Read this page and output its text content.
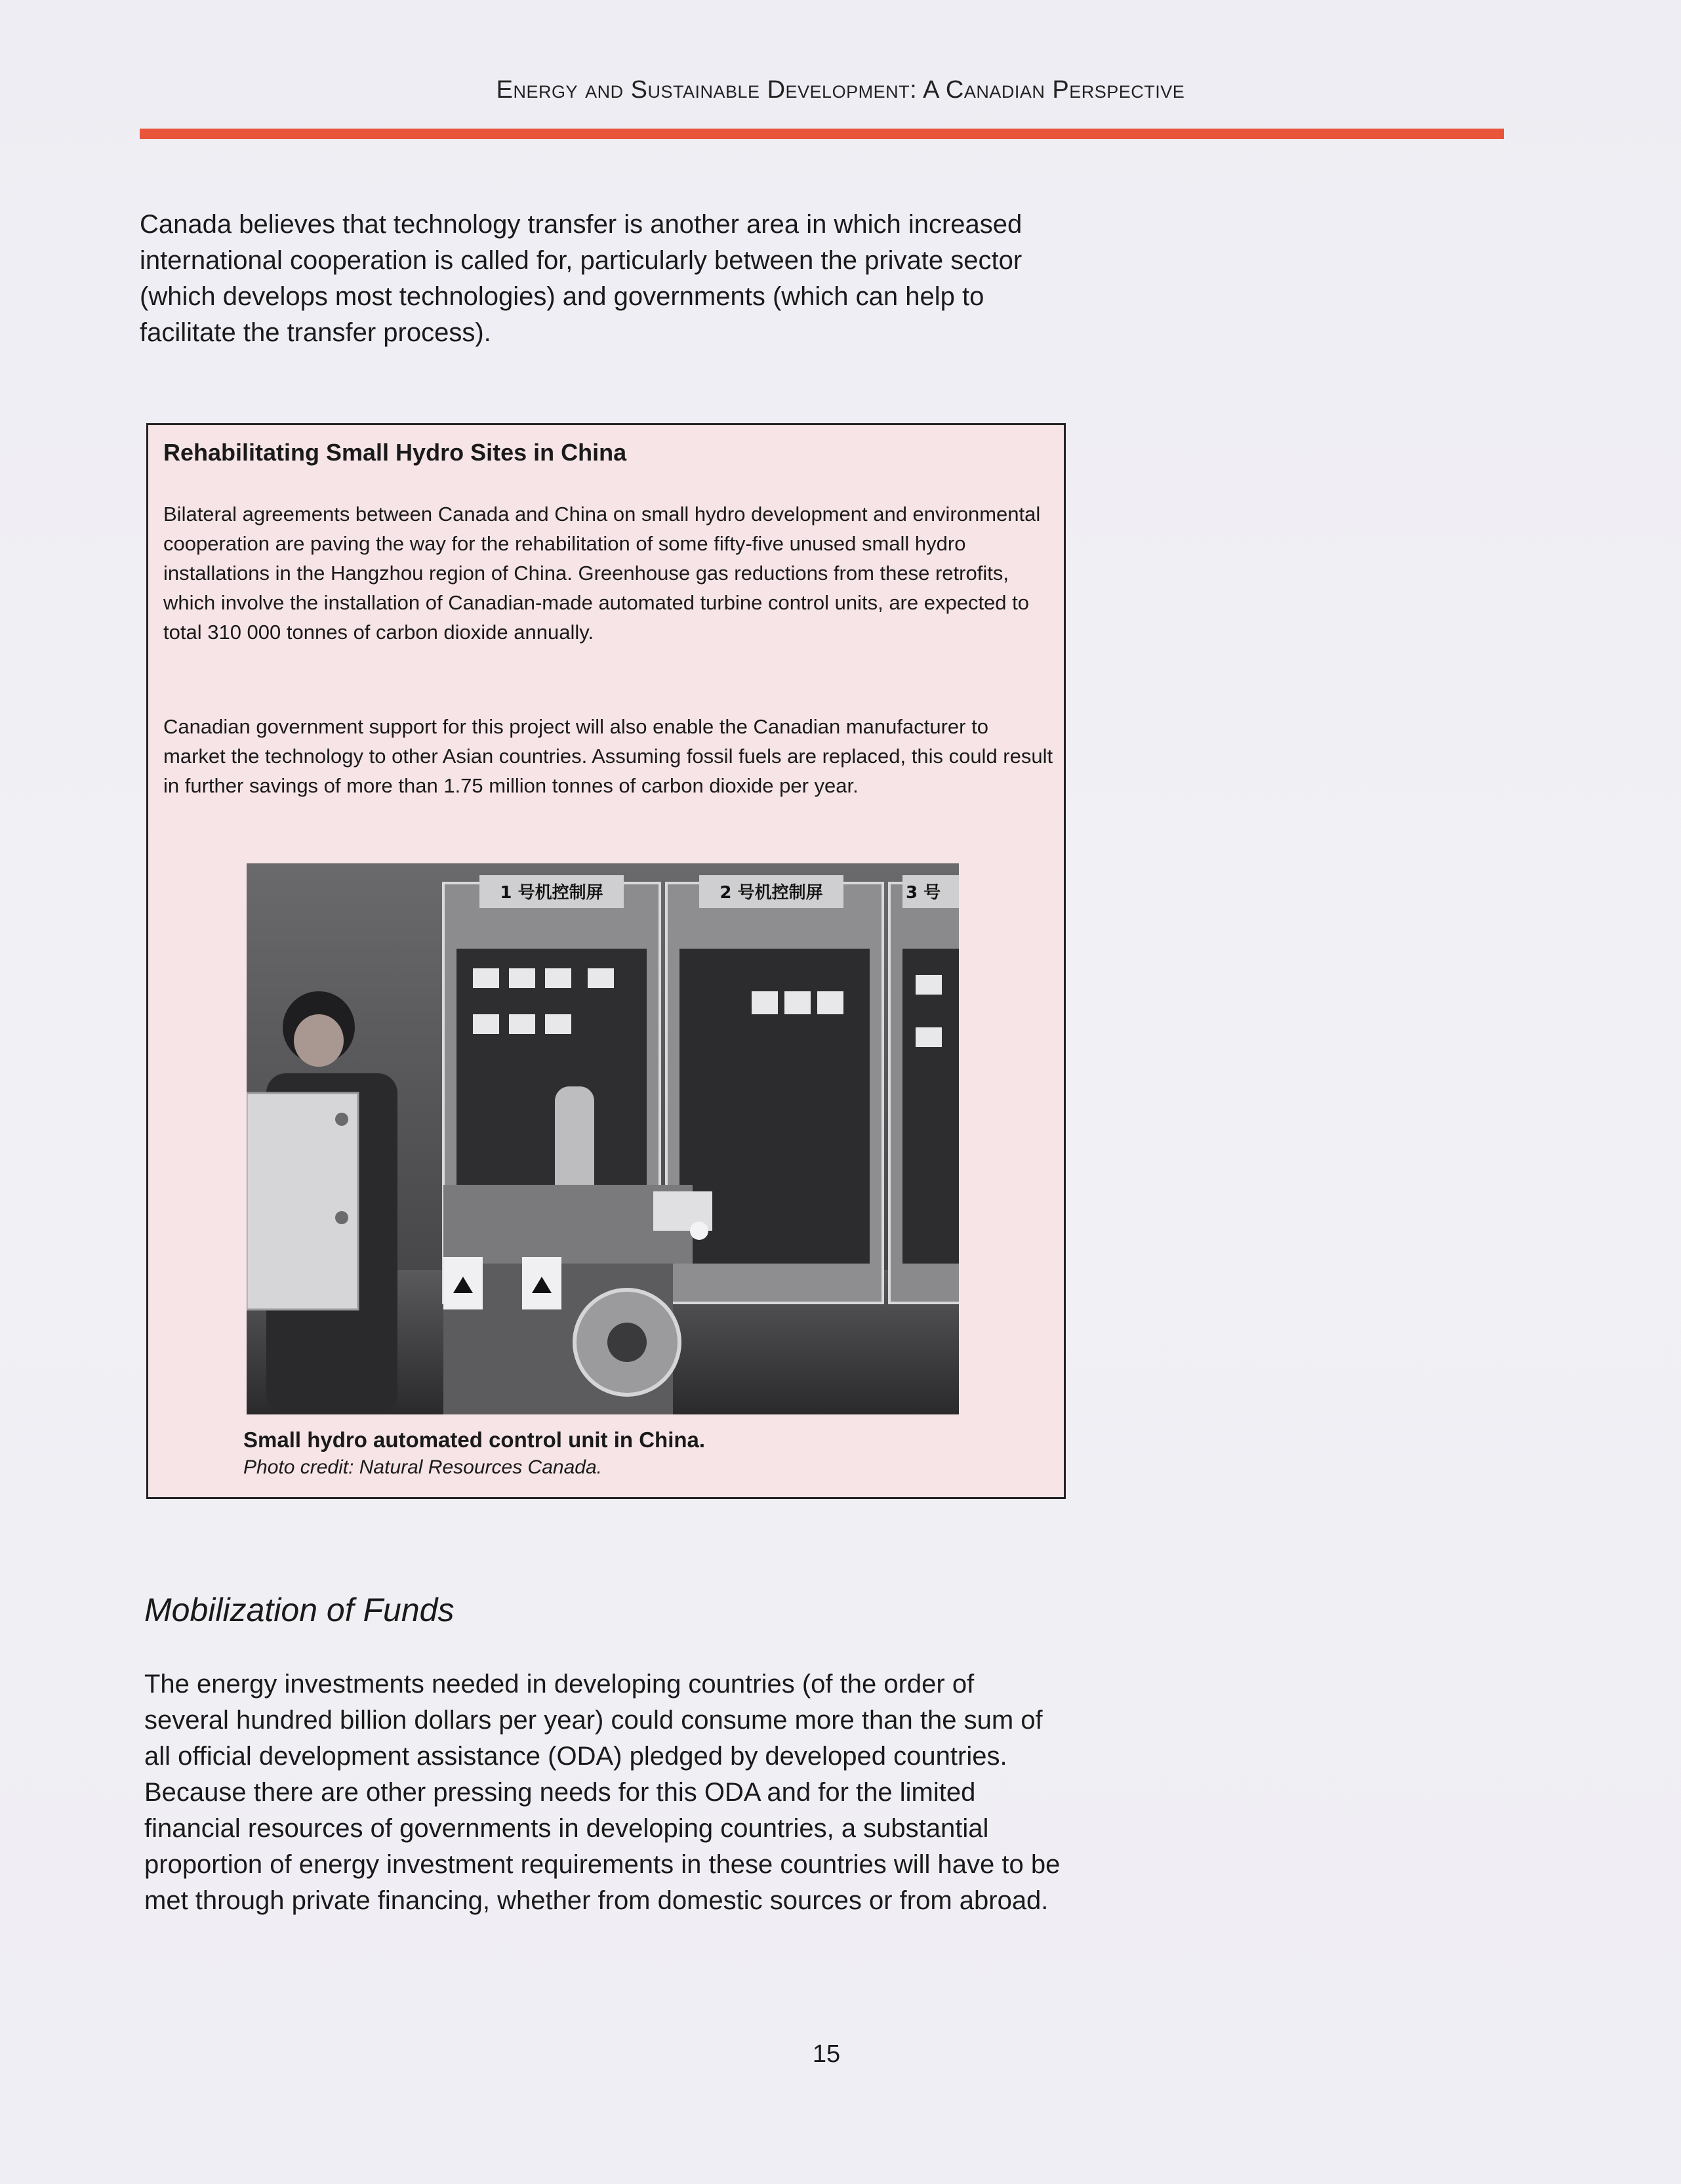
Energy and Sustainable Development: A Canadian Perspective

Canada believes that technology transfer is another area in which increased international cooperation is called for, particularly between the private sector (which develops most technologies) and governments (which can help to facilitate the transfer process).

Rehabilitating Small Hydro Sites in China

Bilateral agreements between Canada and China on small hydro development and environmental cooperation are paving the way for the rehabilitation of some fifty-five unused small hydro installations in the Hangzhou region of China. Greenhouse gas reductions from these retrofits, which involve the installation of Canadian-made automated turbine control units, are expected to total 310 000 tonnes of carbon dioxide annually.

Canadian government support for this project will also enable the Canadian manufacturer to market the technology to other Asian countries. Assuming fossil fuels are replaced, this could result in further savings of more than 1.75 million tonnes of carbon dioxide per year.

1 号机控制屏	2 号机控制屏	3 号
Small hydro automated control unit in China.
Photo credit: Natural Resources Canada.
Mobilization of Funds

The energy investments needed in developing countries (of the order of several hundred billion dollars per year) could consume more than the sum of all official development assistance (ODA) pledged by developed countries. Because there are other pressing needs for this ODA and for the limited financial resources of governments in developing countries, a substantial proportion of energy investment requirements in these countries will have to be met through private financing, whether from domestic sources or from abroad.

15
